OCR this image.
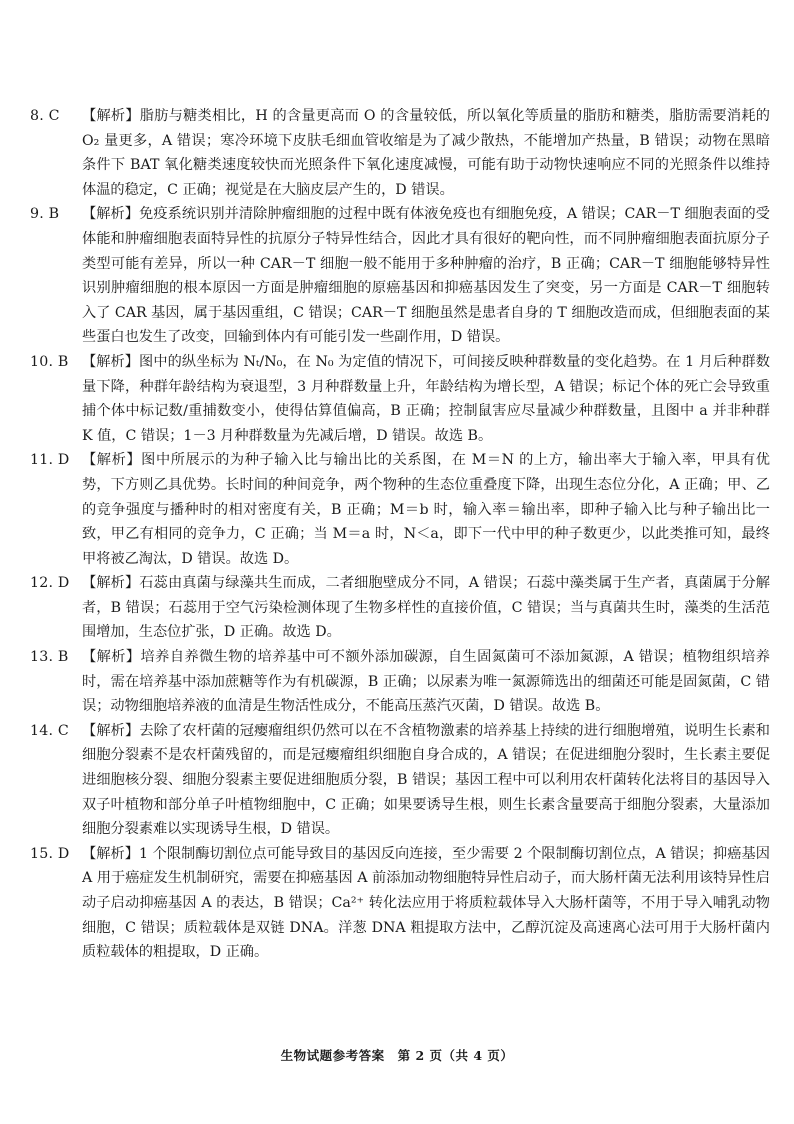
8. C	【解析】脂肪与糖类相比，H 的含量更高而 O 的含量较低，所以氧化等质量的脂肪和糖类，脂肪需要消耗的 O₂ 量更多，A 错误；寒冷环境下皮肤毛细血管收缩是为了减少散热，不能增加产热量，B 错误；动物在黑暗条件下 BAT 氧化糖类速度较快而光照条件下氧化速度减慢，可能有助于动物快速响应不同的光照条件以维持体温的稳定，C 正确；视觉是在大脑皮层产生的，D 错误。
9. B	【解析】免疫系统识别并清除肿瘤细胞的过程中既有体液免疫也有细胞免疫，A 错误；CAR－T 细胞表面的受体能和肿瘤细胞表面特异性的抗原分子特异性结合，因此才具有很好的靶向性，而不同肿瘤细胞表面抗原分子类型可能有差异，所以一种 CAR－T 细胞一般不能用于多种肿瘤的治疗，B 正确；CAR－T 细胞能够特异性识别肿瘤细胞的根本原因一方面是肿瘤细胞的原癌基因和抑癌基因发生了突变，另一方面是 CAR－T 细胞转入了 CAR 基因，属于基因重组，C 错误；CAR－T 细胞虽然是患者自身的 T 细胞改造而成，但细胞表面的某些蛋白也发生了改变，回输到体内有可能引发一些副作用，D 错误。
10. B 【解析】图中的纵坐标为 Nₜ/N₀，在 N₀ 为定值的情况下，可间接反映种群数量的变化趋势。在 1 月后种群数量下降，种群年龄结构为衰退型，3 月种群数量上升，年龄结构为增长型，A 错误；标记个体的死亡会导致重捕个体中标记数/重捕数变小，使得估算值偏高，B 正确；控制鼠害应尽量减少种群数量，且图中 a 并非种群 K 值，C 错误；1－3 月种群数量为先减后增，D 错误。故选 B。
11. D 【解析】图中所展示的为种子输入比与输出比的关系图，在 M＝N 的上方，输出率大于输入率，甲具有优势，下方则乙具优势。长时间的种间竞争，两个物种的生态位重叠度下降，出现生态位分化，A 正确；甲、乙的竞争强度与播种时的相对密度有关，B 正确；M＝b 时，输入率＝输出率，即种子输入比与种子输出比一致，甲乙有相同的竞争力，C 正确；当 M＝a 时，N＜a，即下一代中甲的种子数更少，以此类推可知，最终甲将被乙淘汰，D 错误。故选 D。
12. D 【解析】石蕊由真菌与绿藻共生而成，二者细胞壁成分不同，A 错误；石蕊中藻类属于生产者，真菌属于分解者，B 错误；石蕊用于空气污染检测体现了生物多样性的直接价值，C 错误；当与真菌共生时，藻类的生活范围增加，生态位扩张，D 正确。故选 D。
13. B 【解析】培养自养微生物的培养基中可不额外添加碳源，自生固氮菌可不添加氮源，A 错误；植物组织培养时，需在培养基中添加蔗糖等作为有机碳源，B 正确；以尿素为唯一氮源筛选出的细菌还可能是固氮菌，C 错误；动物细胞培养液的血清是生物活性成分，不能高压蒸汽灭菌，D 错误。故选 B。
14. C 【解析】去除了农杆菌的冠瘿瘤组织仍然可以在不含植物激素的培养基上持续的进行细胞增殖，说明生长素和细胞分裂素不是农杆菌残留的，而是冠瘿瘤组织细胞自身合成的，A 错误；在促进细胞分裂时，生长素主要促进细胞核分裂、细胞分裂素主要促进细胞质分裂，B 错误；基因工程中可以利用农杆菌转化法将目的基因导入双子叶植物和部分单子叶植物细胞中，C 正确；如果要诱导生根，则生长素含量要高于细胞分裂素，大量添加细胞分裂素难以实现诱导生根，D 错误。
15. D 【解析】1 个限制酶切割位点可能导致目的基因反向连接，至少需要 2 个限制酶切割位点，A 错误；抑癌基因 A 用于癌症发生机制研究，需要在抑癌基因 A 前添加动物细胞特异性启动子，而大肠杆菌无法利用该特异性启动子启动抑癌基因 A 的表达，B 错误；Ca²⁺ 转化法应用于将质粒载体导入大肠杆菌等，不用于导入哺乳动物细胞，C 错误；质粒载体是双链 DNA。洋葱 DNA 粗提取方法中，乙醇沉淀及高速离心法可用于大肠杆菌内质粒载体的粗提取，D 正确。
生物试题参考答案　第 2 页（共 4 页）
